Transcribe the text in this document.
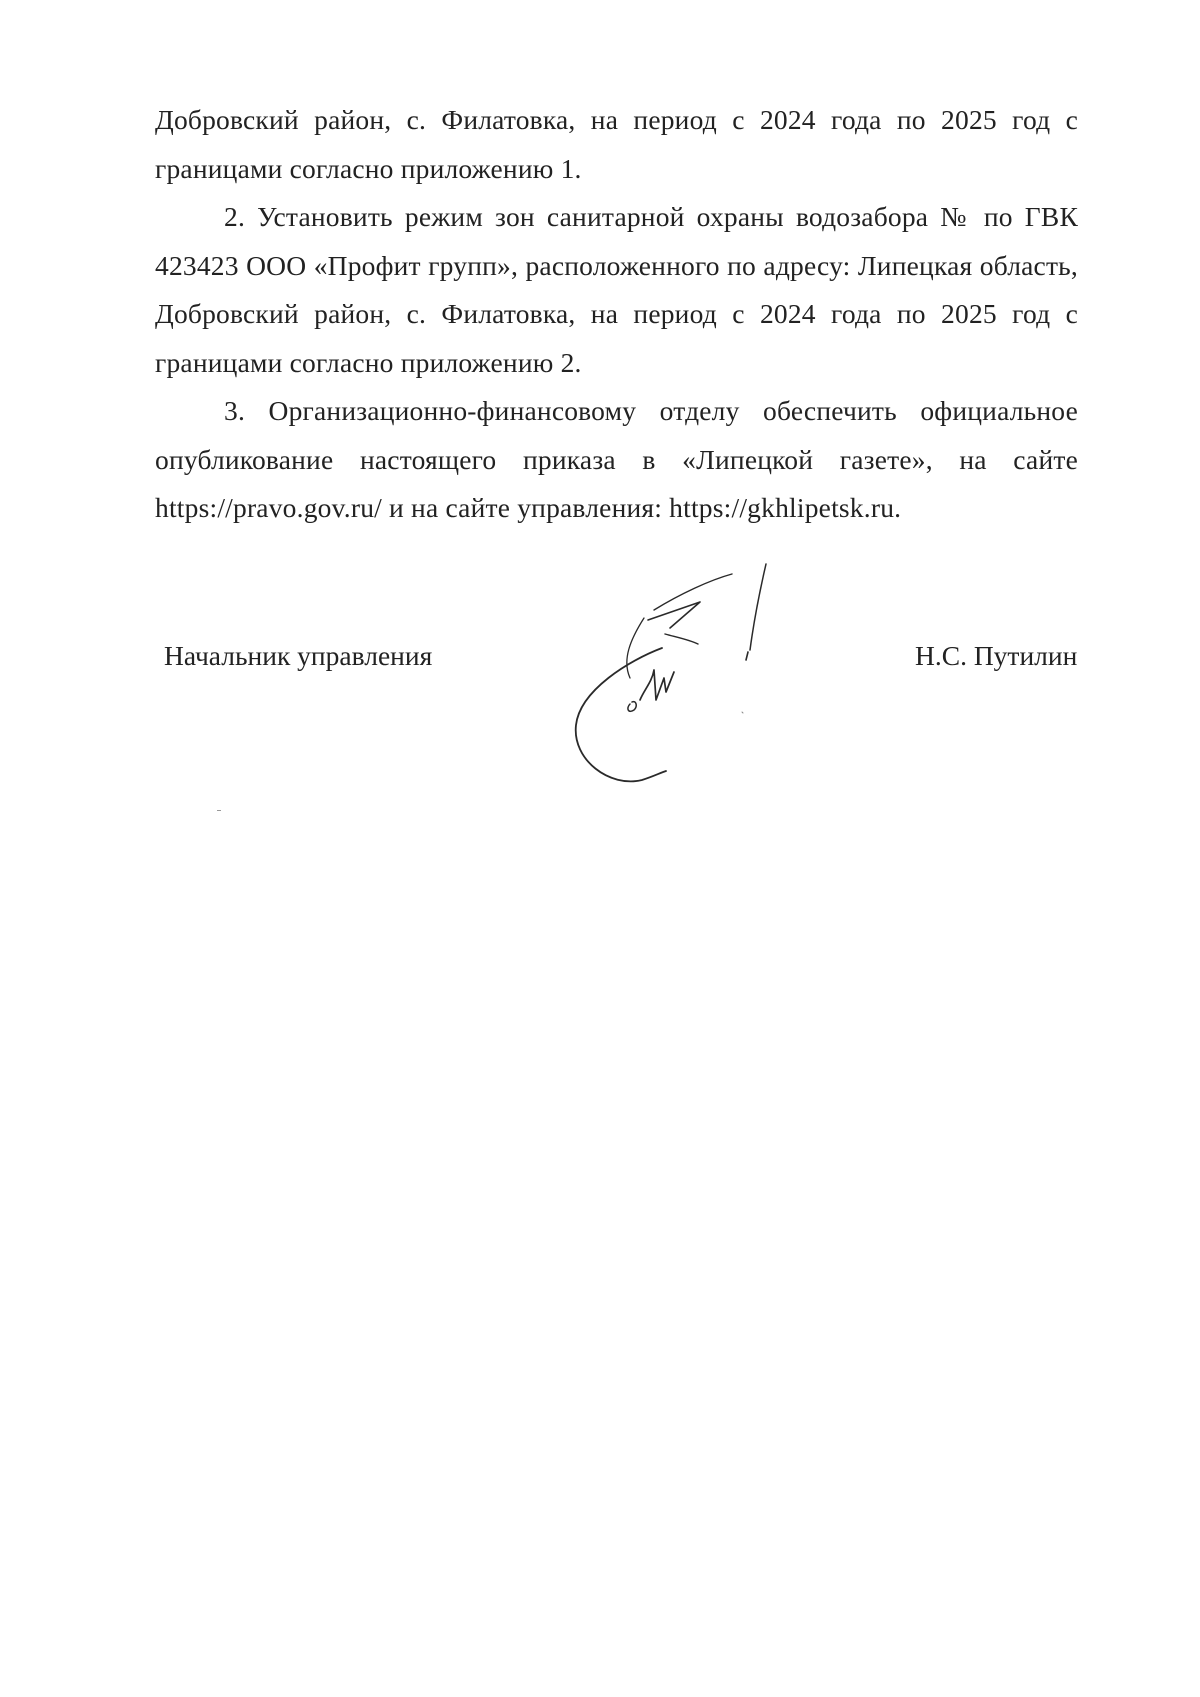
Добровский район, с. Филатовка, на период с 2024 года по 2025 год с границами согласно приложению 1.

2. Установить режим зон санитарной охраны водозабора № по ГВК 423423 ООО «Профит групп», расположенного по адресу: Липецкая область, Добровский район, с. Филатовка, на период с 2024 года по 2025 год с границами согласно приложению 2.

3. Организационно-финансовому отделу обеспечить официальное опубликование настоящего приказа в «Липецкой газете», на сайте https://pravo.gov.ru/ и на сайте управления: https://gkhlipetsk.ru.

Начальник управления	Н.С. Путилин
